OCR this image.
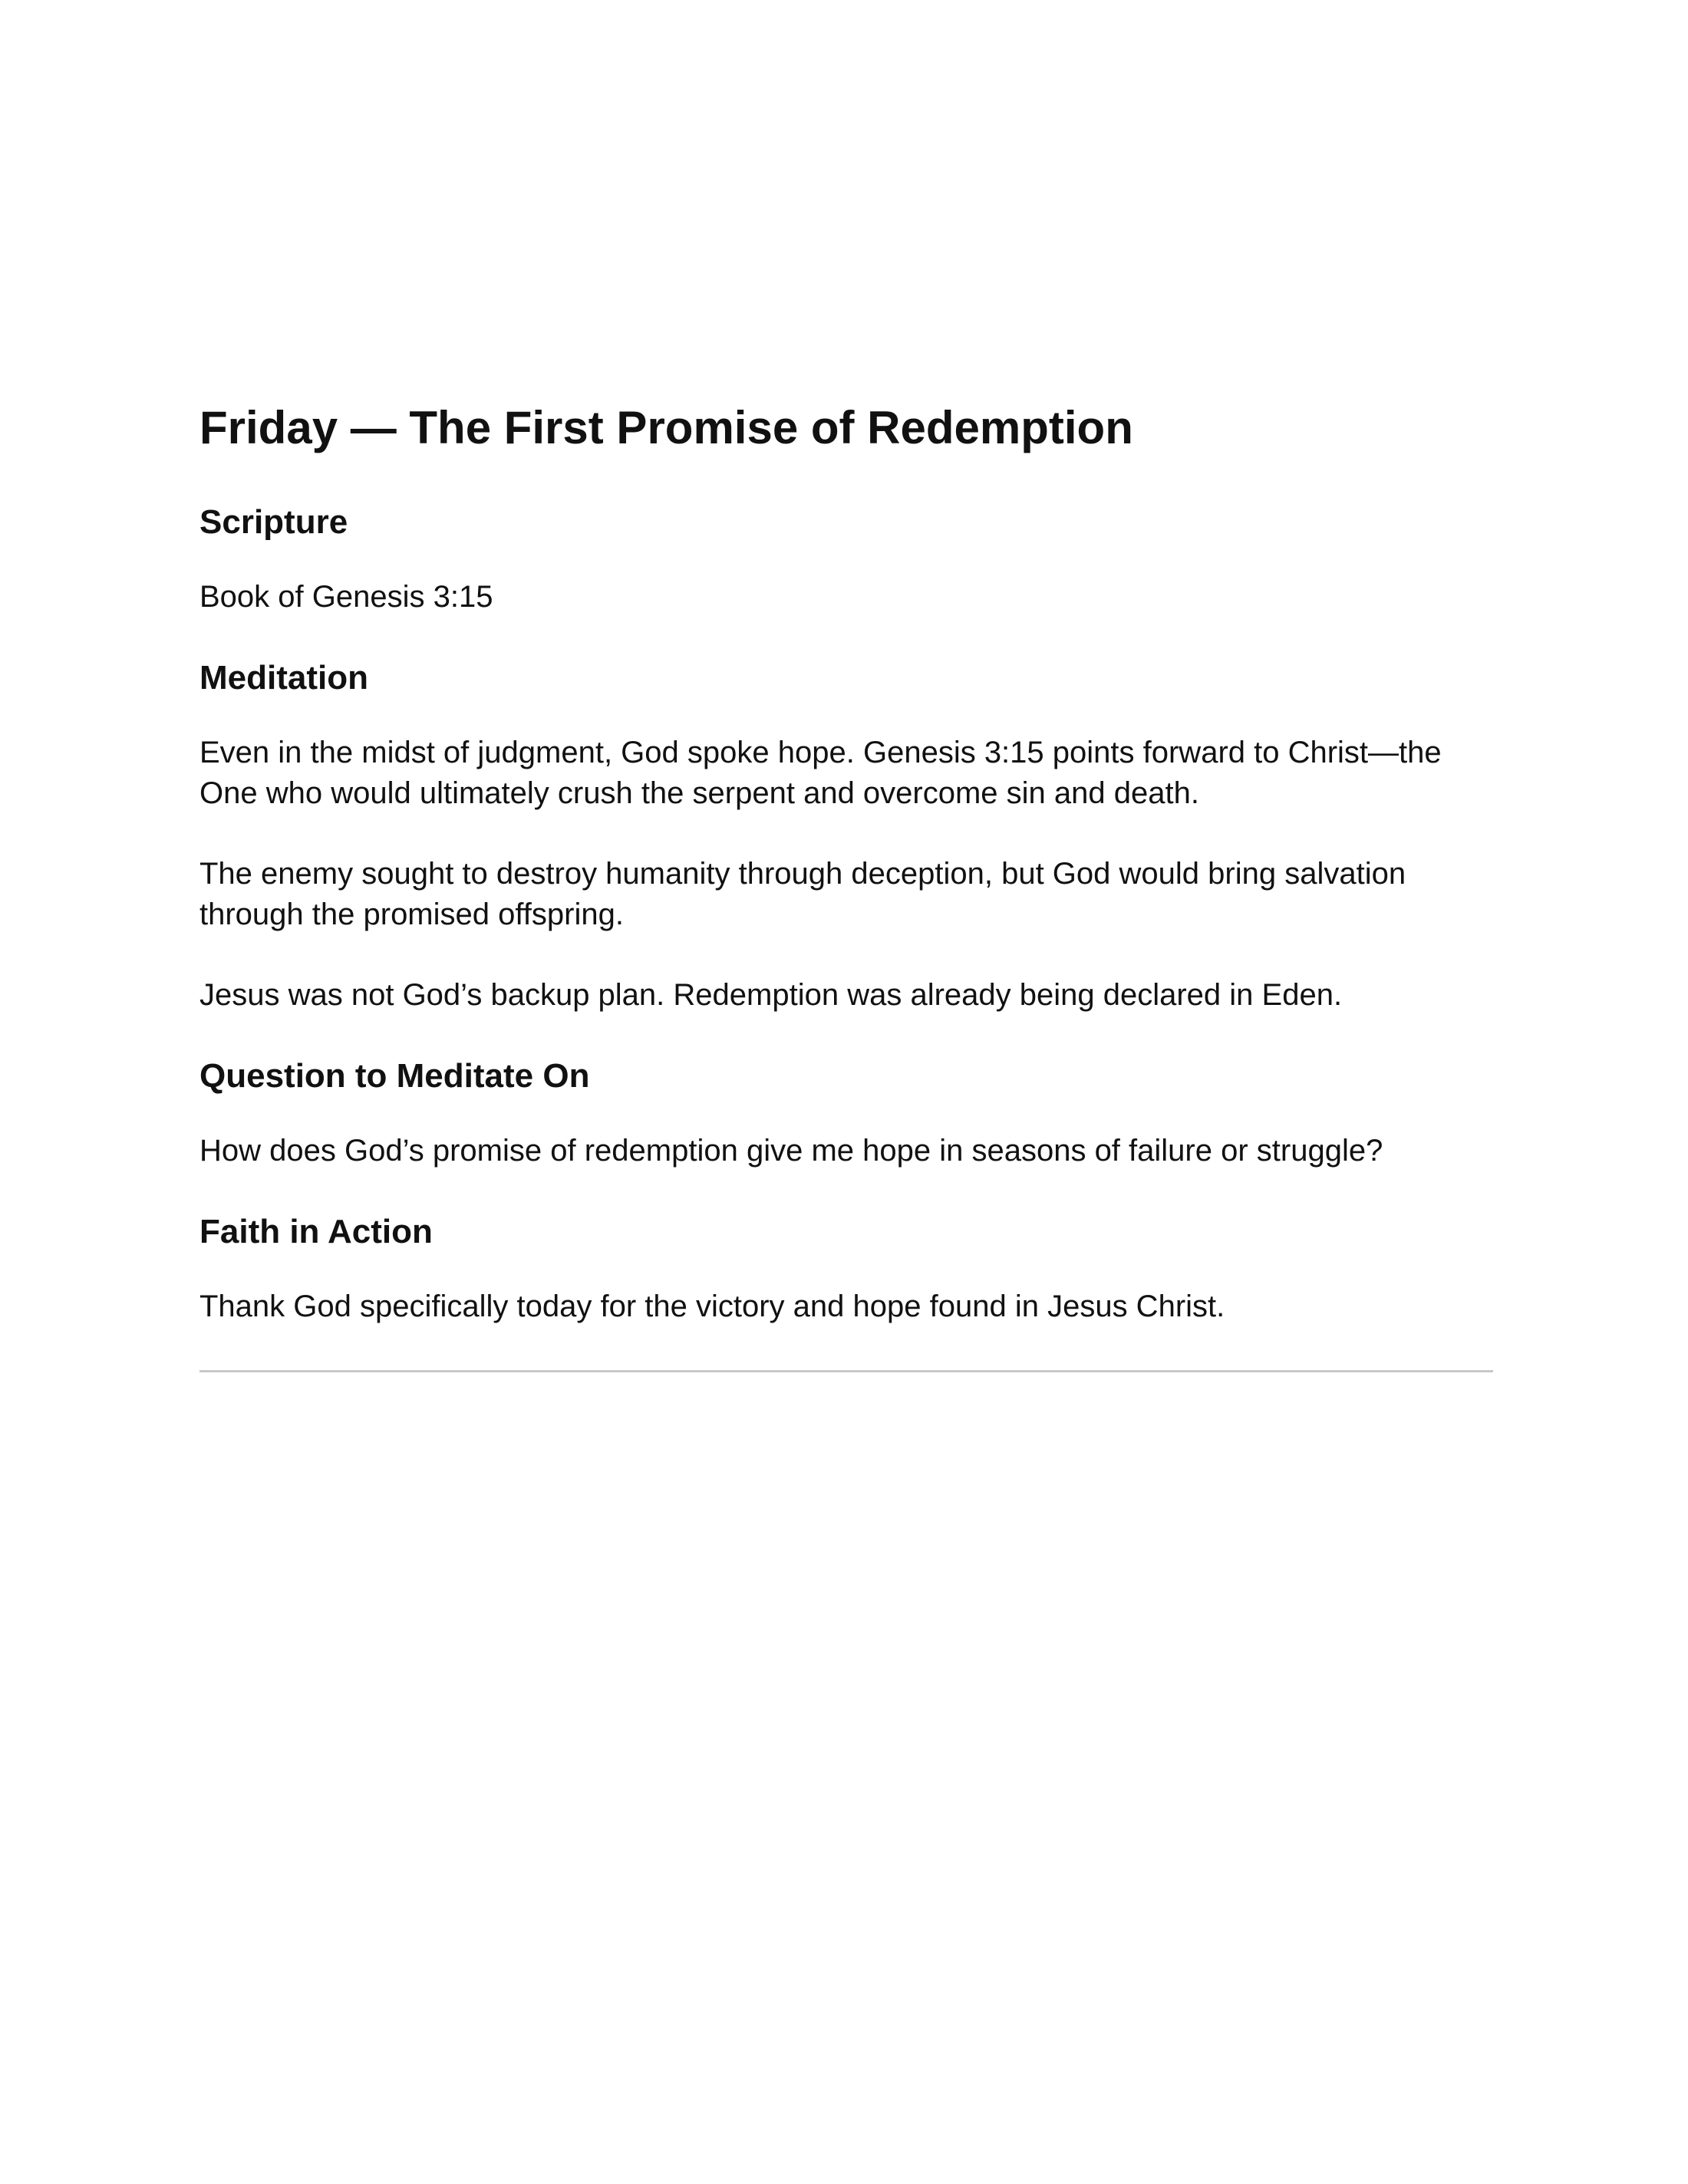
Friday — The First Promise of Redemption
Scripture

Book of Genesis 3:15

Meditation

Even in the midst of judgment, God spoke hope. Genesis 3:15 points forward to Christ—the One who would ultimately crush the serpent and overcome sin and death.

The enemy sought to destroy humanity through deception, but God would bring salvation through the promised offspring.

Jesus was not God’s backup plan. Redemption was already being declared in Eden.

Question to Meditate On

How does God’s promise of redemption give me hope in seasons of failure or struggle?

Faith in Action

Thank God specifically today for the victory and hope found in Jesus Christ.
